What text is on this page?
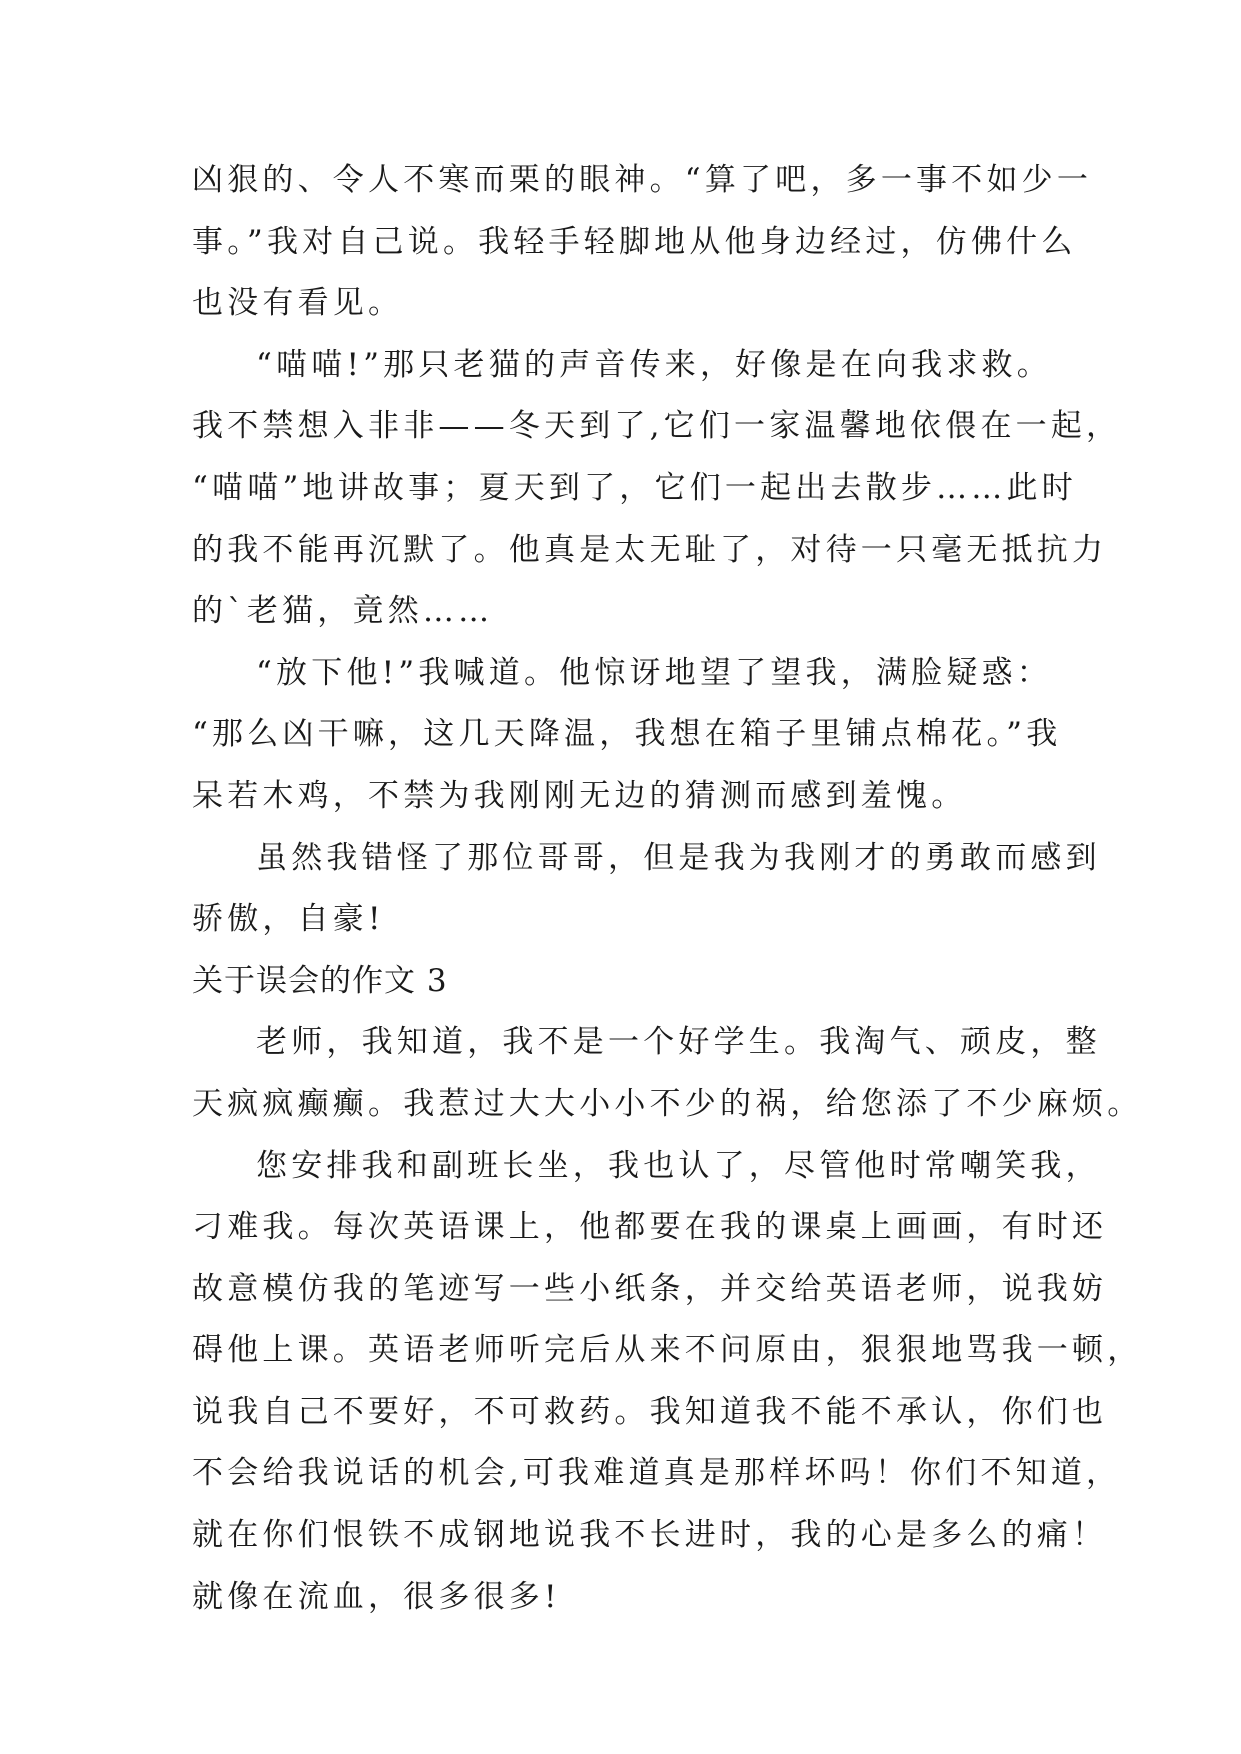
凶狠的、令人不寒而栗的眼神。“算了吧，多一事不如少一
事。”我对自己说。我轻手轻脚地从他身边经过，仿佛什么
也没有看见。
“喵喵!”那只老猫的声音传来，好像是在向我求救。
我不禁想入非非——冬天到了,它们一家温馨地依偎在一起，
“喵喵”地讲故事；夏天到了，它们一起出去散步……此时
的我不能再沉默了。他真是太无耻了，对待一只毫无抵抗力
的`老猫，竟然……
“放下他!”我喊道。他惊讶地望了望我，满脸疑惑：
“那么凶干嘛，这几天降温，我想在箱子里铺点棉花。”我
呆若木鸡，不禁为我刚刚无边的猜测而感到羞愧。
虽然我错怪了那位哥哥，但是我为我刚才的勇敢而感到
骄傲，自豪!
关于误会的作文 3
老师，我知道，我不是一个好学生。我淘气、顽皮，整
天疯疯癫癫。我惹过大大小小不少的祸，给您添了不少麻烦。
您安排我和副班长坐，我也认了，尽管他时常嘲笑我，
刁难我。每次英语课上，他都要在我的课桌上画画，有时还
故意模仿我的笔迹写一些小纸条，并交给英语老师，说我妨
碍他上课。英语老师听完后从来不问原由，狠狠地骂我一顿，
说我自己不要好，不可救药。我知道我不能不承认，你们也
不会给我说话的机会,可我难道真是那样坏吗！你们不知道，
就在你们恨铁不成钢地说我不长进时，我的心是多么的痛！
就像在流血，很多很多!
